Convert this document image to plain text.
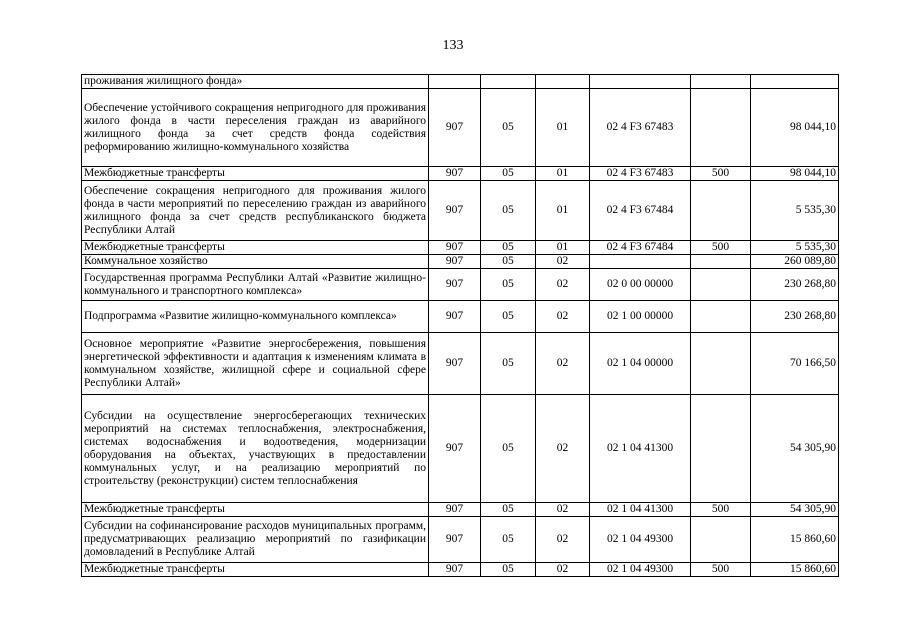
133
проживания жилищного фонда»						
Обеспечение устойчивого сокращения непригодного для проживания жилого фонда в части переселения граждан из аварийного жилищного фонда за счет средств фонда содействия реформированию жилищно-коммунального хозяйства	907	05	01	02 4 F3 67483		98 044,10
Межбюджетные трансферты	907	05	01	02 4 F3 67483	500	98 044,10
Обеспечение сокращения непригодного для проживания жилого фонда в части мероприятий по переселению граждан из аварийного жилищного фонда за счет средств республиканского бюджета Республики Алтай	907	05	01	02 4 F3 67484		5 535,30
Межбюджетные трансферты	907	05	01	02 4 F3 67484	500	5 535,30
Коммунальное хозяйство	907	05	02			260 089,80
Государственная программа Республики Алтай «Развитие жилищно-коммунального и транспортного комплекса»	907	05	02	02 0 00 00000		230 268,80
Подпрограмма «Развитие жилищно-коммунального комплекса»	907	05	02	02 1 00 00000		230 268,80
Основное мероприятие «Развитие энергосбережения, повышения энергетической эффективности и адаптация к изменениям климата в коммунальном хозяйстве, жилищной сфере и социальной сфере Республики Алтай»	907	05	02	02 1 04 00000		70 166,50
Субсидии на осуществление энергосберегающих технических мероприятий на системах теплоснабжения, электроснабжения, системах водоснабжения и водоотведения, модернизации оборудования на объектах, участвующих в предоставлении коммунальных услуг, и на реализацию мероприятий по строительству (реконструкции) систем теплоснабжения	907	05	02	02 1 04 41300		54 305,90
Межбюджетные трансферты	907	05	02	02 1 04 41300	500	54 305,90
Субсидии на софинансирование расходов муниципальных программ, предусматривающих реализацию мероприятий по газификации домовладений в Республике Алтай	907	05	02	02 1 04 49300		15 860,60
Межбюджетные трансферты	907	05	02	02 1 04 49300	500	15 860,60
